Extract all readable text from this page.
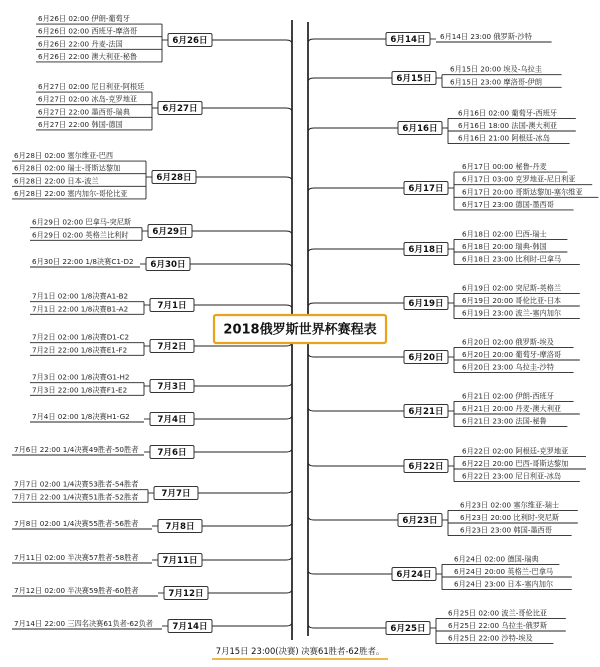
6月26日
6月26日 02:00 伊朗-葡萄牙
6月26日 02:00 西班牙-摩洛哥
6月26日 22:00 丹麦-法国
6月26日 22:00 澳大利亚-秘鲁
6月27日
6月27日 02:00 尼日利亚-阿根廷
6月27日 02:00 冰岛-克罗地亚
6月27日 22:00 墨西哥-瑞典
6月27日 22:00 韩国-德国
6月28日
6月28日 02:00 塞尔维亚-巴西
6月28日 02:00 瑞士-哥斯达黎加
6月28日 22:00 日本-波兰
6月28日 22:00 塞内加尔-哥伦比亚
6月29日
6月29日 02:00 巴拿马-突尼斯
6月29日 02:00 英格兰比利时
6月30日
6月30日 22:00 1/8决赛C1-D2
7月1日
7月1日 02:00 1/8决赛A1-B2
7月1日 22:00 1/8决赛B1-A2
7月2日
7月2日 02:00 1/8决赛D1-C2
7月2日 22:00 1/8决赛E1-F2
7月3日
7月3日 02:00 1/8决赛G1-H2
7月3日 22:00 1/8决赛F1-E2
7月4日
7月4日 02:00 1/8决赛H1-G2
7月6日
7月6日 22:00 1/4决赛49胜者-50胜者
7月7日
7月7日 02:00 1/4决赛53胜者-54胜者
7月7日 22:00 1/4决赛51胜者-52胜者
7月8日
7月8日 02:00 1/4决赛55胜者-56胜者
7月11日
7月11日 02:00 半决赛57胜者-58胜者
7月12日
7月12日 02:00 半决赛59胜者-60胜者
7月14日
7月14日 22:00 三四名决赛61负者-62负者
6月14日 6月14日 23:00 俄罗斯-沙特
6月15日
6月15日 20:00 埃及-乌拉圭
6月15日 23:00 摩洛哥-伊朗
6月16日
6月16日 02:00 葡萄牙-西班牙
6月16日 18:00 法国-澳大利亚
6月16日 21:00 阿根廷-冰岛
6月17日
6月17日 00:00 秘鲁-丹麦
6月17日 03:00 克罗地亚-尼日利亚
6月17日 20:00 哥斯达黎加-塞尔维亚
6月17日 23:00 德国-墨西哥
6月18日
6月18日 02:00 巴西-瑞士
6月18日 20:00 瑞典-韩国
6月18日 23:00 比利时-巴拿马
6月19日
6月19日 02:00 突尼斯-英格兰
6月19日 20:00 哥伦比亚-日本
6月19日 23:00 波兰-塞内加尔
6月20日
6月20日 02:00 俄罗斯-埃及
6月20日 20:00 葡萄牙-摩洛哥
6月20日 23:00 乌拉圭-沙特
6月21日
6月21日 02:00 伊朗-西班牙
6月21日 20:00 丹麦-澳大利亚
6月21日 23:00 法国-秘鲁
6月22日
6月22日 02:00 阿根廷-克罗地亚
6月22日 20:00 巴西-哥斯达黎加
6月22日 23:00 尼日利亚-冰岛
6月23日
6月23日 02:00 塞尔维亚-瑞士
6月23日 20:00 比利时-突尼斯
6月23日 23:00 韩国-墨西哥
6月24日
6月24日 02:00 德国-瑞典
6月24日 20:00 英格兰-巴拿马
6月24日 23:00 日本-塞内加尔
6月25日
6月25日 02:00 波兰-哥伦比亚
6月25日 22:00 乌拉圭-俄罗斯
6月25日 22:00 沙特-埃及
2018俄罗斯世界杯赛程表
7月15日 23:00(决赛) 决赛61胜者-62胜者。
